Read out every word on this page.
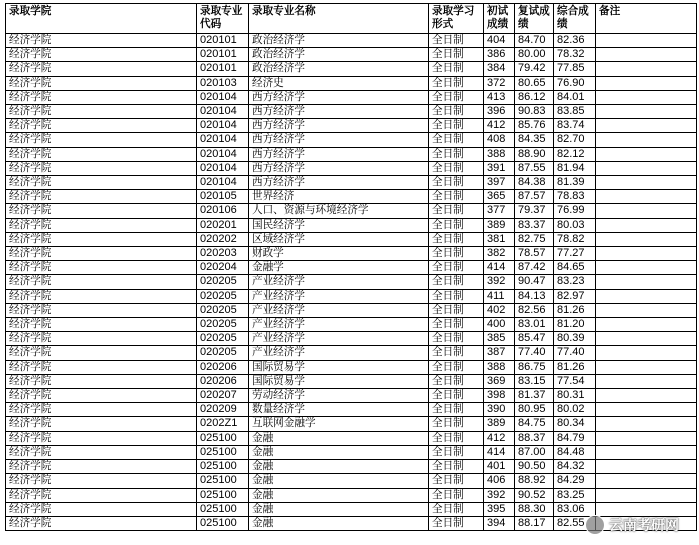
录取学院	录取专业代码	录取专业名称	录取学习形式	初试成绩	复试成绩	综合成绩	备注
经济学院	020101	政治经济学	全日制	404	84.70	82.36	
经济学院	020101	政治经济学	全日制	386	80.00	78.32	
经济学院	020101	政治经济学	全日制	384	79.42	77.85	
经济学院	020103	经济史	全日制	372	80.65	76.90	
经济学院	020104	西方经济学	全日制	413	86.12	84.01	
经济学院	020104	西方经济学	全日制	396	90.83	83.85	
经济学院	020104	西方经济学	全日制	412	85.76	83.74	
经济学院	020104	西方经济学	全日制	408	84.35	82.70	
经济学院	020104	西方经济学	全日制	388	88.90	82.12	
经济学院	020104	西方经济学	全日制	391	87.55	81.94	
经济学院	020104	西方经济学	全日制	397	84.38	81.39	
经济学院	020105	世界经济	全日制	365	87.57	78.83	
经济学院	020106	人口、资源与环境经济学	全日制	377	79.37	76.99	
经济学院	020201	国民经济学	全日制	389	83.37	80.03	
经济学院	020202	区域经济学	全日制	381	82.75	78.82	
经济学院	020203	财政学	全日制	382	78.57	77.27	
经济学院	020204	金融学	全日制	414	87.42	84.65	
经济学院	020205	产业经济学	全日制	392	90.47	83.23	
经济学院	020205	产业经济学	全日制	411	84.13	82.97	
经济学院	020205	产业经济学	全日制	402	82.56	81.26	
经济学院	020205	产业经济学	全日制	400	83.01	81.20	
经济学院	020205	产业经济学	全日制	385	85.47	80.39	
经济学院	020205	产业经济学	全日制	387	77.40	77.40	
经济学院	020206	国际贸易学	全日制	388	86.75	81.26	
经济学院	020206	国际贸易学	全日制	369	83.15	77.54	
经济学院	020207	劳动经济学	全日制	398	81.37	80.31	
经济学院	020209	数量经济学	全日制	390	80.95	80.02	
经济学院	0202Z1	互联网金融学	全日制	389	84.75	80.34	
经济学院	025100	金融	全日制	412	88.37	84.79	
经济学院	025100	金融	全日制	414	87.00	84.48	
经济学院	025100	金融	全日制	401	90.50	84.32	
经济学院	025100	金融	全日制	406	88.92	84.29	
经济学院	025100	金融	全日制	392	90.52	83.25	
经济学院	025100	金融	全日制	395	88.30	83.06	
经济学院	025100	金融	全日制	394	88.17	82.55	云南考研网
